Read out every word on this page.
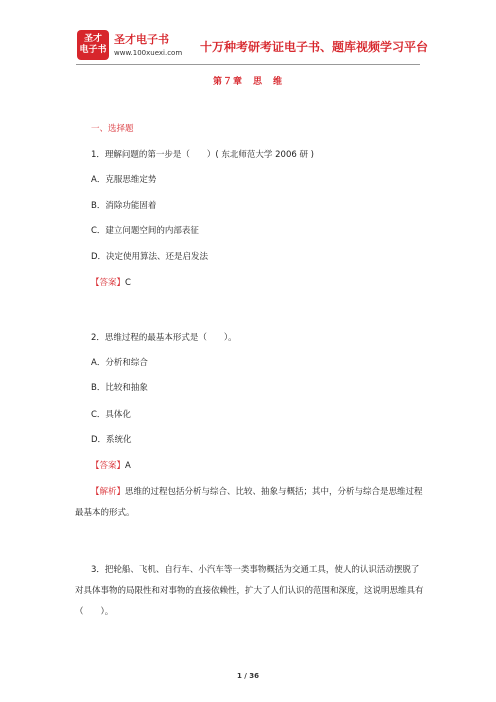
圣才
电子书
圣才电子书
www.100xuexi.com 十万种考研考证电子书、题库视频学习平台
第７章　思　维
一、选择题
1．理解问题的第一步是（　　）( 东北师范大学 2006 研 )
A．克服思维定势
B．消除功能固着
C．建立问题空间的内部表征
D．决定使用算法、还是启发法
【答案】C
2．思维过程的最基本形式是（　　）。
A．分析和综合
B．比较和抽象
C．具体化
D．系统化
【答案】A
【解析】思维的过程包括分析与综合、比较、抽象与概括；其中，分析与综合是思维过程最基本的形式。
3．把轮船、飞机、自行车、小汽车等一类事物概括为交通工具，使人的认识活动摆脱了对具体事物的局限性和对事物的直接依赖性，扩大了人们认识的范围和深度，这说明思维具有（　　）。
1 / 36
